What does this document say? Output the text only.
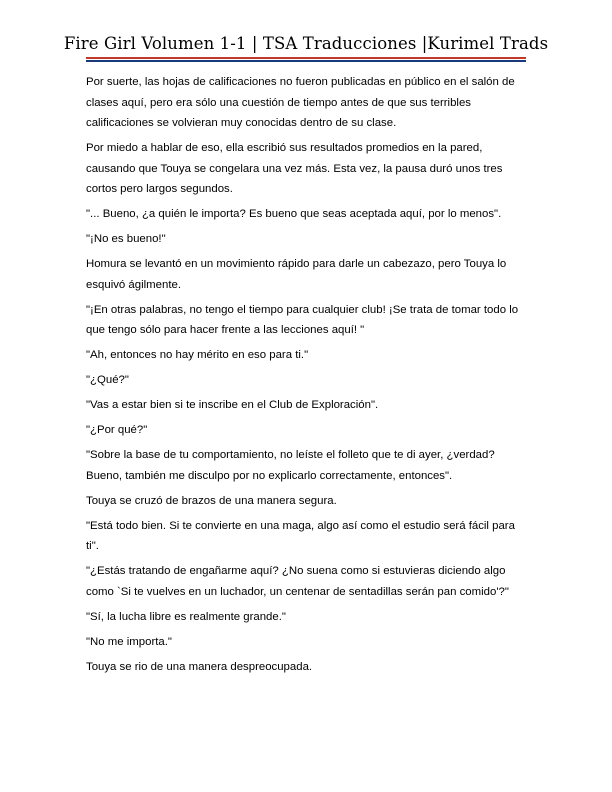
Fire Girl Volumen 1-1 | TSA Traducciones |Kurimel Trads

Por suerte, las hojas de calificaciones no fueron publicadas en público en el salón de clases aquí, pero era sólo una cuestión de tiempo antes de que sus terribles calificaciones se volvieran muy conocidas dentro de su clase.

Por miedo a hablar de eso, ella escribió sus resultados promedios en la pared, causando que Touya se congelara una vez más. Esta vez, la pausa duró unos tres cortos pero largos segundos.

"... Bueno, ¿a quién le importa? Es bueno que seas aceptada aquí, por lo menos".

"¡No es bueno!"

Homura se levantó en un movimiento rápido para darle un cabezazo, pero Touya lo esquivó ágilmente.

"¡En otras palabras, no tengo el tiempo para cualquier club! ¡Se trata de tomar todo lo que tengo sólo para hacer frente a las lecciones aquí! "

"Ah, entonces no hay mérito en eso para ti."

"¿Qué?"

"Vas a estar bien si te inscribe en el Club de Exploración".

"¿Por qué?"

"Sobre la base de tu comportamiento, no leíste el folleto que te di ayer, ¿verdad? Bueno, también me disculpo por no explicarlo correctamente, entonces".

Touya se cruzó de brazos de una manera segura.

"Está todo bien. Si te convierte en una maga, algo así como el estudio será fácil para ti".

"¿Estás tratando de engañarme aquí? ¿No suena como si estuvieras diciendo algo como `Si te vuelves en un luchador, un centenar de sentadillas serán pan comido'?"

"Sí, la lucha libre es realmente grande."

"No me importa."

Touya se rio de una manera despreocupada.
